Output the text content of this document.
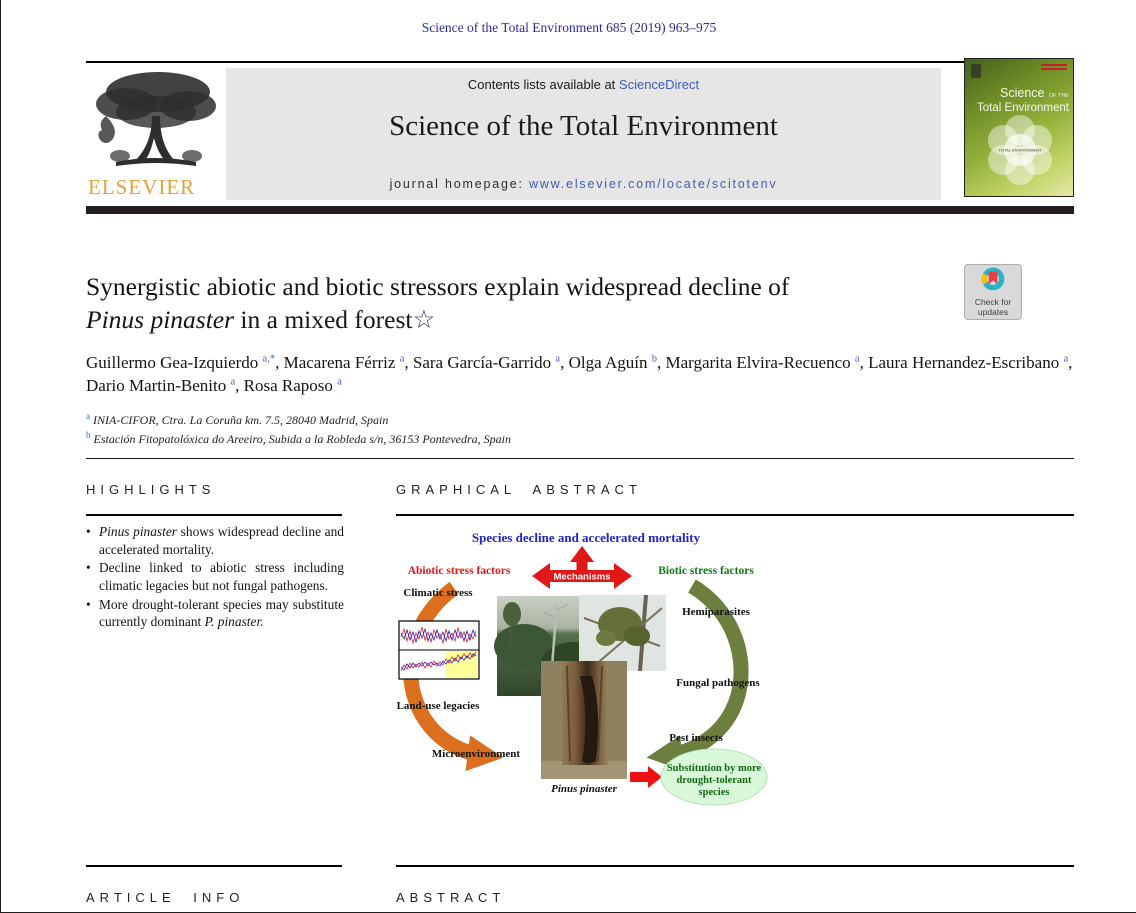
Science of the Total Environment 685 (2019) 963–975
ELSEVIER
Contents lists available at ScienceDirect
Science of the Total Environment
journal homepage: www.elsevier.com/locate/scitotenv
Science OF THE
Total Environment
TOTAL ENVIRONMENT
Check for
updates
Synergistic abiotic and biotic stressors explain widespread decline of
Pinus pinaster in a mixed forest☆
Guillermo Gea-Izquierdo $^{a,*}$, Macarena Férriz $^a$, Sara García-Garrido $^a$, Olga Aguín $^b$, Margarita Elvira-Recuenco $^a$, Laura Hernandez-Escribano $^a$, Dario Martin-Benito $^a$, Rosa Raposo $^a$
$^a$ INIA-CIFOR, Ctra. La Coruña km. 7.5, 28040 Madrid, Spain
$^b$ Estación Fitopatolóxica do Areeiro, Subida a la Robleda s/n, 36153 Pontevedra, Spain
HIGHLIGHTS	GRAPHICAL ABSTRACT
• Pinus pinaster shows widespread decline and accelerated mortality.
• Decline linked to abiotic stress including climatic legacies but not fungal pathogens.
• More drought-tolerant species may substitute currently dominant P. pinaster.
Mechanisms
Substitution by more
drought-tolerant
species
Species decline and accelerated mortality
Abiotic stress factors	Biotic stress factors
Climatic stress
Land-use legacies
Microenvironment
Hemiparasites
Fungal pathogens
Pest insects
Pinus pinaster
ARTICLE INFO	ABSTRACT
